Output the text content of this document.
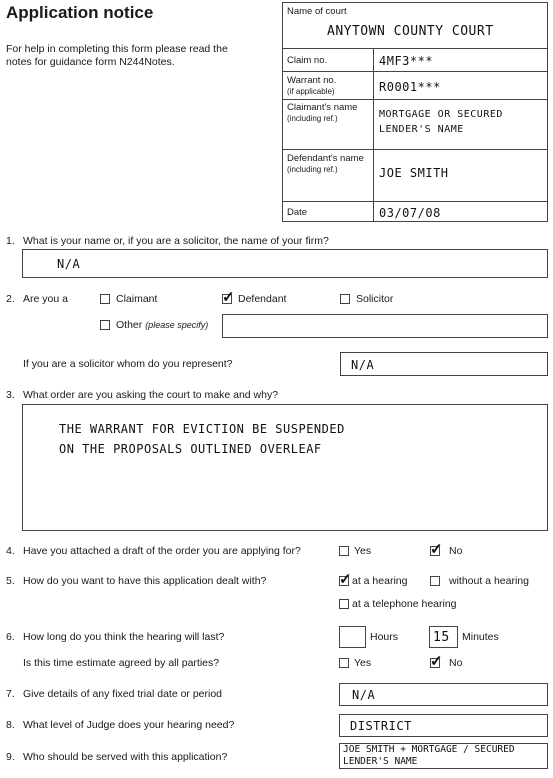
Application notice
For help in completing this form please read the notes for guidance form N244Notes.
Name of court
ANYTOWN COUNTY COURT
Claim no.	4MF3***
Warrant no.
(if applicable)	R0001***
Claimant's name
(including ref.)	MORTGAGE OR SECURED
LENDER'S NAME
Defendant's name
(including ref.)	JOE SMITH
Date	03/07/08
1. What is your name or, if you are a solicitor, the name of your firm?
N/A
2. Are you a	Claimant	✓ Defendant	Solicitor
Other (please specify)
If you are a solicitor whom do you represent?	N/A
3. What order are you asking the court to make and why?
THE WARRANT FOR EVICTION BE SUSPENDED
ON THE PROPOSALS OUTLINED OVERLEAF
4. Have you attached a draft of the order you are applying for?	Yes	✓ No
5. How do you want to have this application dealt with?	✓ at a hearing	without a hearing
at a telephone hearing
6. How long do you think the hearing will last?	Hours	15 Minutes
Is this time estimate agreed by all parties?	Yes	✓ No
7. Give details of any fixed trial date or period	N/A
8. What level of Judge does your hearing need?	DISTRICT
9. Who should be served with this application?
JOE SMITH + MORTGAGE / SECURED
LENDER'S NAME
